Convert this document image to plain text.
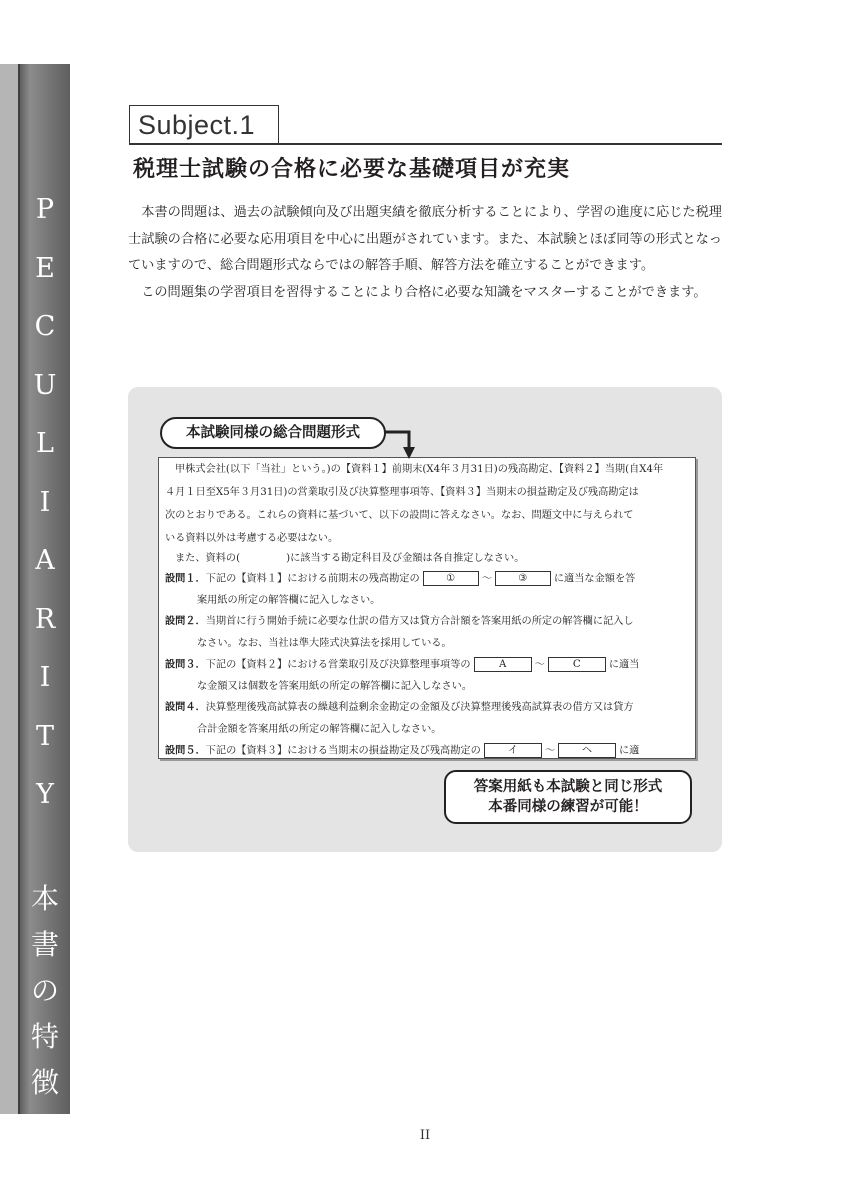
P
E
C
U
L
I
A
R
I
T
Y
本
書
の
特
徴
Subject.1
税理士試験の合格に必要な基礎項目が充実

本書の問題は、過去の試験傾向及び出題実績を徹底分析することにより、学習の進度に応じた税理士試験の合格に必要な応用項目を中心に出題がされています。また、本試験とほぼ同等の形式となっていますので、総合問題形式ならではの解答手順、解答方法を確立することができます。

この問題集の学習項目を習得することにより合格に必要な知識をマスターすることができます。

本試験同様の総合問題形式
甲株式会社(以下「当社」という。)の【資料１】前期末(X4年３月31日)の残高勘定、【資料２】当期(自X4年
４月１日至X5年３月31日)の営業取引及び決算整理事項等、【資料３】当期末の損益勘定及び残高勘定は
次のとおりである。これらの資料に基づいて、以下の設問に答えなさい。なお、問題文中に与えられて
いる資料以外は考慮する必要はない。
また、資料の(	)に該当する勘定科目及び金額は各自推定しなさい。
設問１．下記の【資料１】における前期末の残高勘定の	①	～	③	に適当な金額を答
案用紙の所定の解答欄に記入しなさい。
設問２．当期首に行う開始手続に必要な仕訳の借方又は貸方合計額を答案用紙の所定の解答欄に記入し
なさい。なお、当社は準大陸式決算法を採用している。
設問３．下記の【資料２】における営業取引及び決算整理事項等の	A	～	C	に適当
な金額又は個数を答案用紙の所定の解答欄に記入しなさい。
設問４．決算整理後残高試算表の繰越利益剰余金勘定の金額及び決算整理後残高試算表の借方又は貸方
合計金額を答案用紙の所定の解答欄に記入しなさい。
設問５．下記の【資料３】における当期末の損益勘定及び残高勘定の	イ	～	ヘ	に適
答案用紙も本試験と同じ形式
本番同様の練習が可能！
II
